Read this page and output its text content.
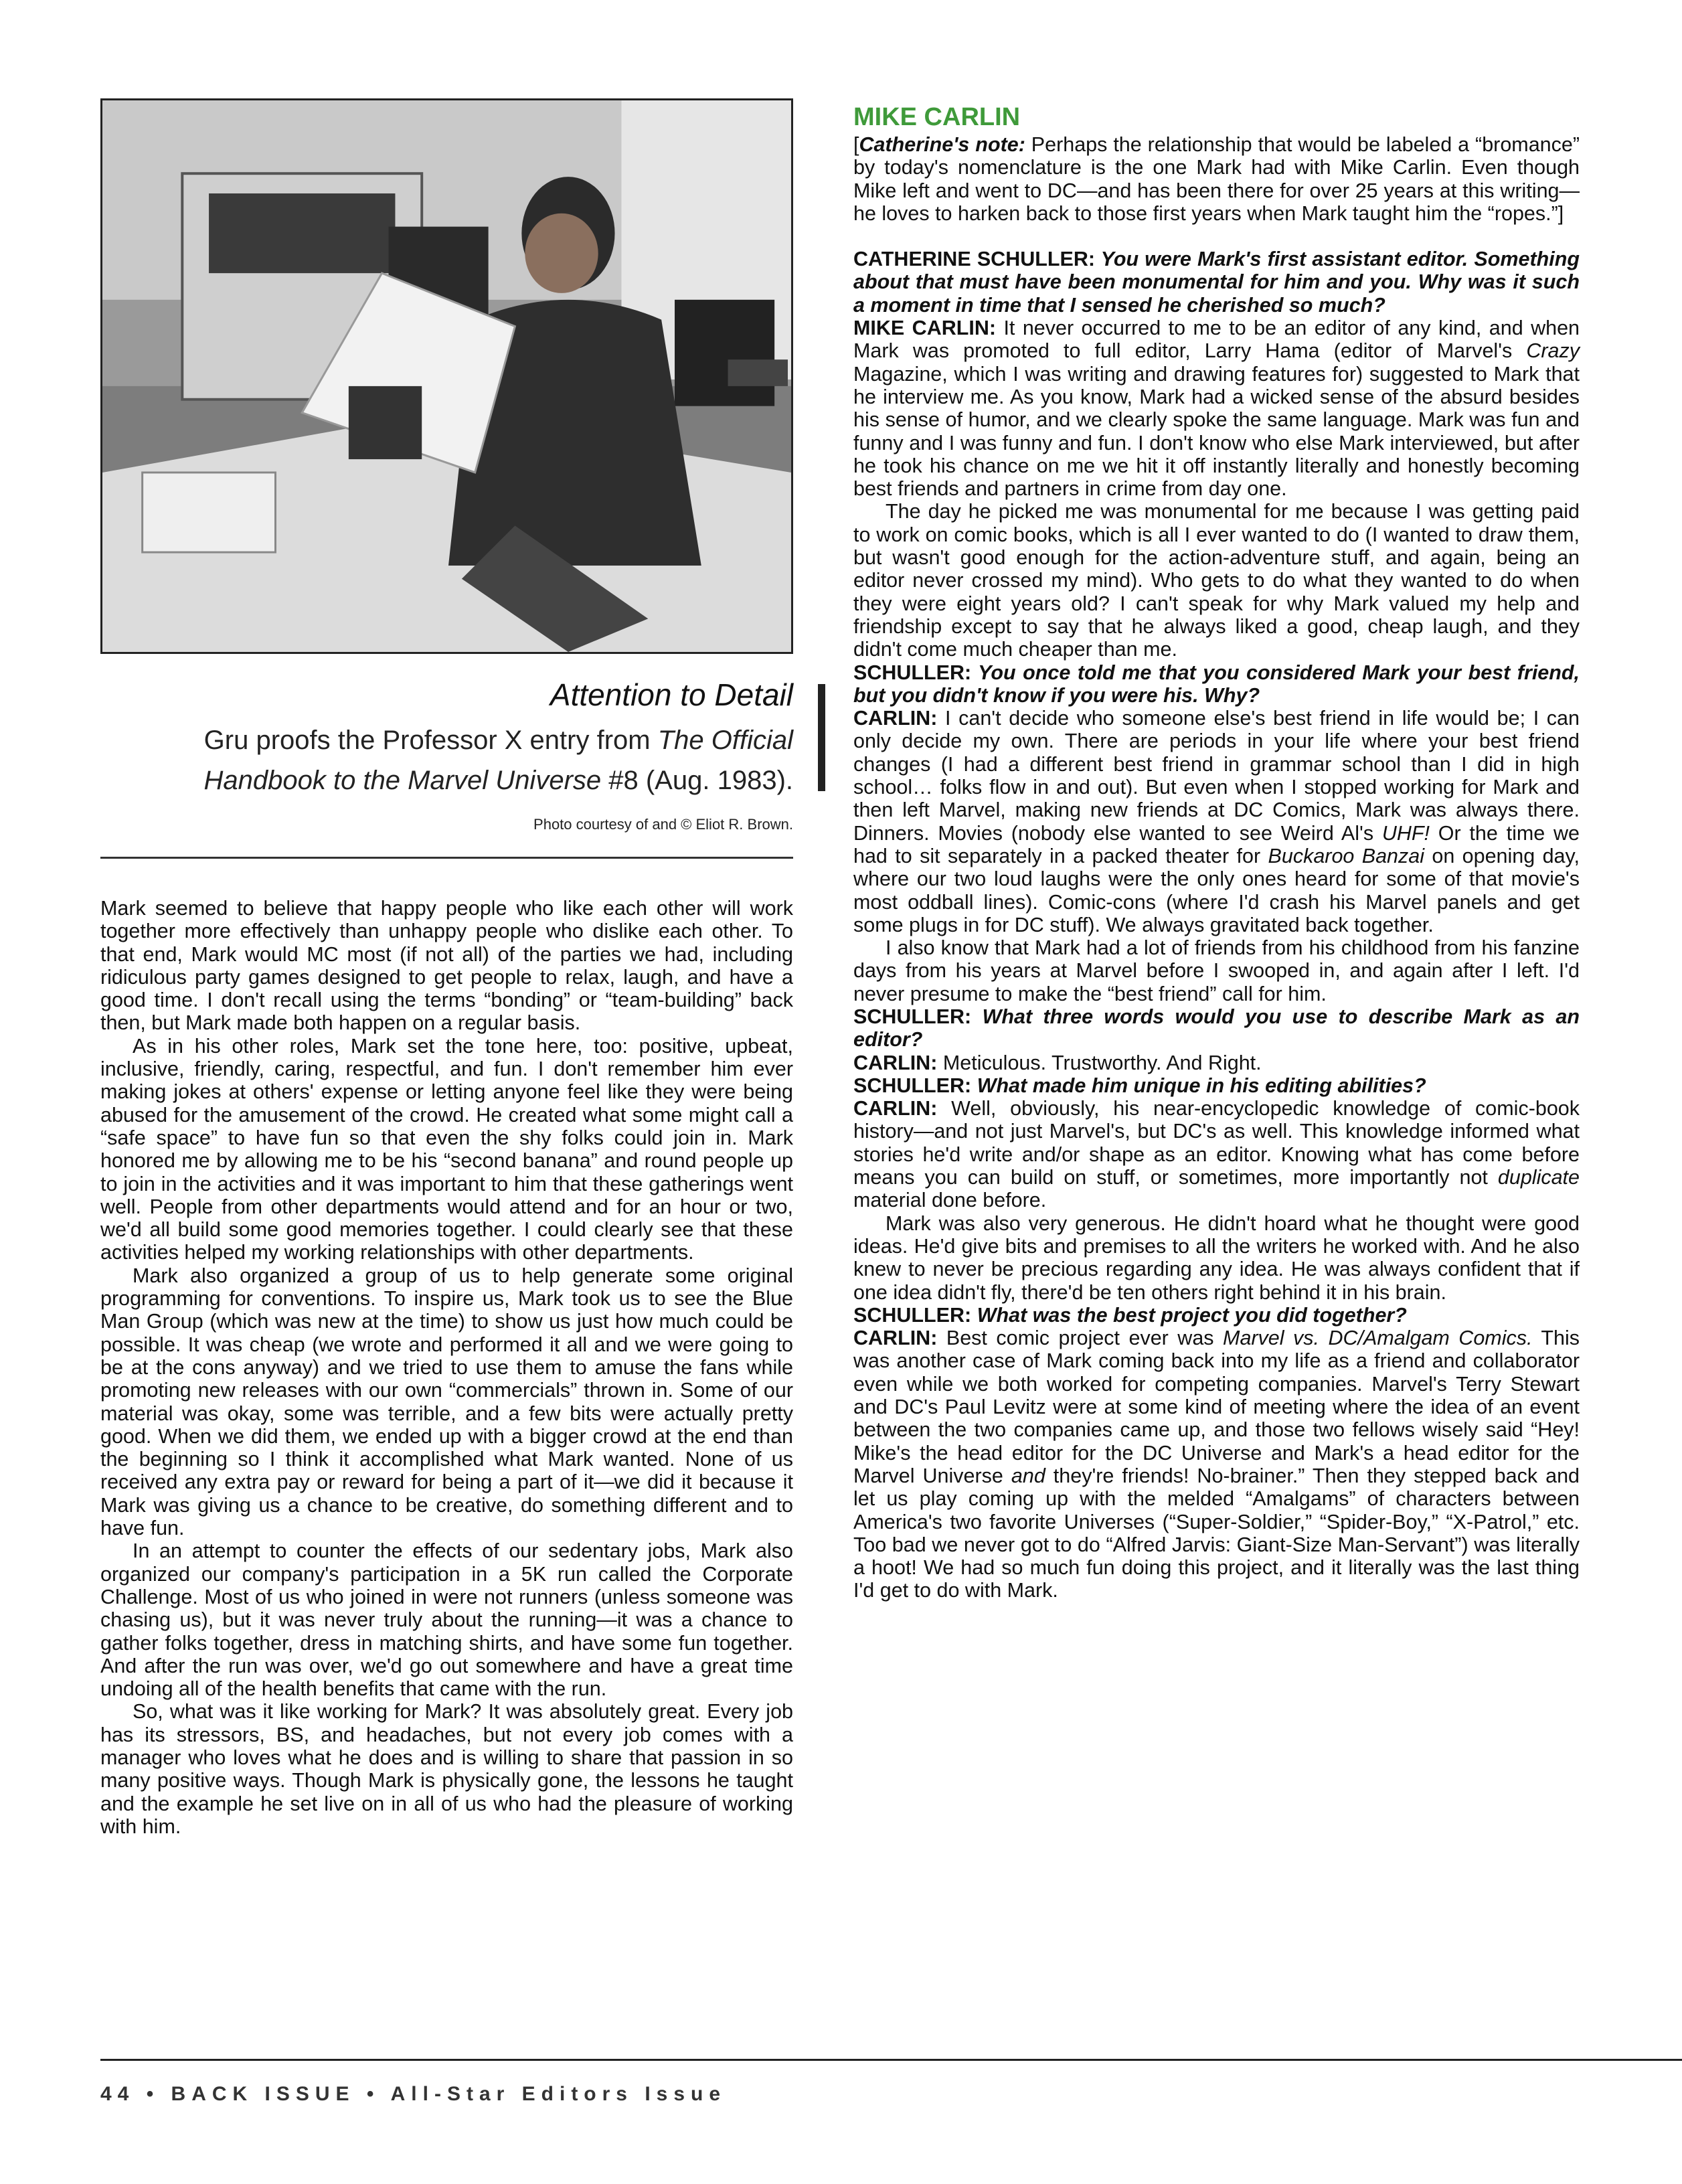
Attention to Detail
Gru proofs the Professor X entry from The Official
Handbook to the Marvel Universe #8 (Aug. 1983).
Photo courtesy of and © Eliot R. Brown.

Mark seemed to believe that happy people who like each other will work together more effectively than unhappy people who dislike each other. To that end, Mark would MC most (if not all) of the parties we had, including ridiculous party games designed to get people to relax, laugh, and have a good time. I don't recall using the terms “bonding” or “team-building” back then, but Mark made both happen on a regular basis.

As in his other roles, Mark set the tone here, too: positive, upbeat, inclusive, friendly, caring, respectful, and fun. I don't remember him ever making jokes at others' expense or letting anyone feel like they were being abused for the amusement of the crowd. He created what some might call a “safe space” to have fun so that even the shy folks could join in. Mark honored me by allowing me to be his “second banana” and round people up to join in the activities and it was important to him that these gatherings went well. People from other departments would attend and for an hour or two, we'd all build some good memories together. I could clearly see that these activities helped my working relationships with other departments.

Mark also organized a group of us to help generate some original programming for conventions. To inspire us, Mark took us to see the Blue Man Group (which was new at the time) to show us just how much could be possible. It was cheap (we wrote and performed it all and we were going to be at the cons anyway) and we tried to use them to amuse the fans while promoting new releases with our own “commercials” thrown in. Some of our material was okay, some was terrible, and a few bits were actually pretty good. When we did them, we ended up with a bigger crowd at the end than the beginning so I think it accomplished what Mark wanted. None of us received any extra pay or reward for being a part of it—we did it because it Mark was giving us a chance to be creative, do something different and to have fun.

In an attempt to counter the effects of our sedentary jobs, Mark also organized our company's participation in a 5K run called the Corporate Challenge. Most of us who joined in were not runners (unless someone was chasing us), but it was never truly about the running—it was a chance to gather folks together, dress in matching shirts, and have some fun together. And after the run was over, we'd go out somewhere and have a great time undoing all of the health benefits that came with the run.

So, what was it like working for Mark? It was absolutely great. Every job has its stressors, BS, and headaches, but not every job comes with a manager who loves what he does and is willing to share that passion in so many positive ways. Though Mark is physically gone, the lessons he taught and the example he set live on in all of us who had the pleasure of working with him.

MIKE CARLIN

[Catherine's note: Perhaps the relationship that would be labeled a “bromance” by today's nomenclature is the one Mark had with Mike Carlin. Even though Mike left and went to DC—and has been there for over 25 years at this writing—he loves to harken back to those first years when Mark taught him the “ropes.”]

CATHERINE SCHULLER: You were Mark's first assistant editor. Something about that must have been monumental for him and you. Why was it such a moment in time that I sensed he cherished so much?

MIKE CARLIN: It never occurred to me to be an editor of any kind, and when Mark was promoted to full editor, Larry Hama (editor of Marvel's Crazy Magazine, which I was writing and drawing features for) suggested to Mark that he interview me. As you know, Mark had a wicked sense of the absurd besides his sense of humor, and we clearly spoke the same language. Mark was fun and funny and I was funny and fun. I don't know who else Mark interviewed, but after he took his chance on me we hit it off instantly literally and honestly becoming best friends and partners in crime from day one.

The day he picked me was monumental for me because I was getting paid to work on comic books, which is all I ever wanted to do (I wanted to draw them, but wasn't good enough for the action-adventure stuff, and again, being an editor never crossed my mind). Who gets to do what they wanted to do when they were eight years old? I can't speak for why Mark valued my help and friendship except to say that he always liked a good, cheap laugh, and they didn't come much cheaper than me.

SCHULLER: You once told me that you considered Mark your best friend, but you didn't know if you were his. Why?

CARLIN: I can't decide who someone else's best friend in life would be; I can only decide my own. There are periods in your life where your best friend changes (I had a different best friend in grammar school than I did in high school… folks flow in and out). But even when I stopped working for Mark and then left Marvel, making new friends at DC Comics, Mark was always there. Dinners. Movies (nobody else wanted to see Weird Al's UHF! Or the time we had to sit separately in a packed theater for Buckaroo Banzai on opening day, where our two loud laughs were the only ones heard for some of that movie's most oddball lines). Comic-cons (where I'd crash his Marvel panels and get some plugs in for DC stuff). We always gravitated back together.

I also know that Mark had a lot of friends from his childhood from his fanzine days from his years at Marvel before I swooped in, and again after I left. I'd never presume to make the “best friend” call for him.

SCHULLER: What three words would you use to describe Mark as an editor?

CARLIN: Meticulous. Trustworthy. And Right.

SCHULLER: What made him unique in his editing abilities?

CARLIN: Well, obviously, his near-encyclopedic knowledge of comic-book history—and not just Marvel's, but DC's as well. This knowledge informed what stories he'd write and/or shape as an editor. Knowing what has come before means you can build on stuff, or sometimes, more importantly not duplicate material done before.

Mark was also very generous. He didn't hoard what he thought were good ideas. He'd give bits and premises to all the writers he worked with. And he also knew to never be precious regarding any idea. He was always confident that if one idea didn't fly, there'd be ten others right behind it in his brain.

SCHULLER: What was the best project you did together?

CARLIN: Best comic project ever was Marvel vs. DC/Amalgam Comics. This was another case of Mark coming back into my life as a friend and collaborator even while we both worked for competing companies. Marvel's Terry Stewart and DC's Paul Levitz were at some kind of meeting where the idea of an event between the two companies came up, and those two fellows wisely said “Hey! Mike's the head editor for the DC Universe and Mark's a head editor for the Marvel Universe and they're friends! No-brainer.” Then they stepped back and let us play coming up with the melded “Amalgams” of characters between America's two favorite Universes (“Super-Soldier,” “Spider-Boy,” “X-Patrol,” etc. Too bad we never got to do “Alfred Jarvis: Giant-Size Man-Servant”) was literally a hoot! We had so much fun doing this project, and it literally was the last thing I'd get to do with Mark.

44 • BACK ISSUE • All-Star Editors Issue
